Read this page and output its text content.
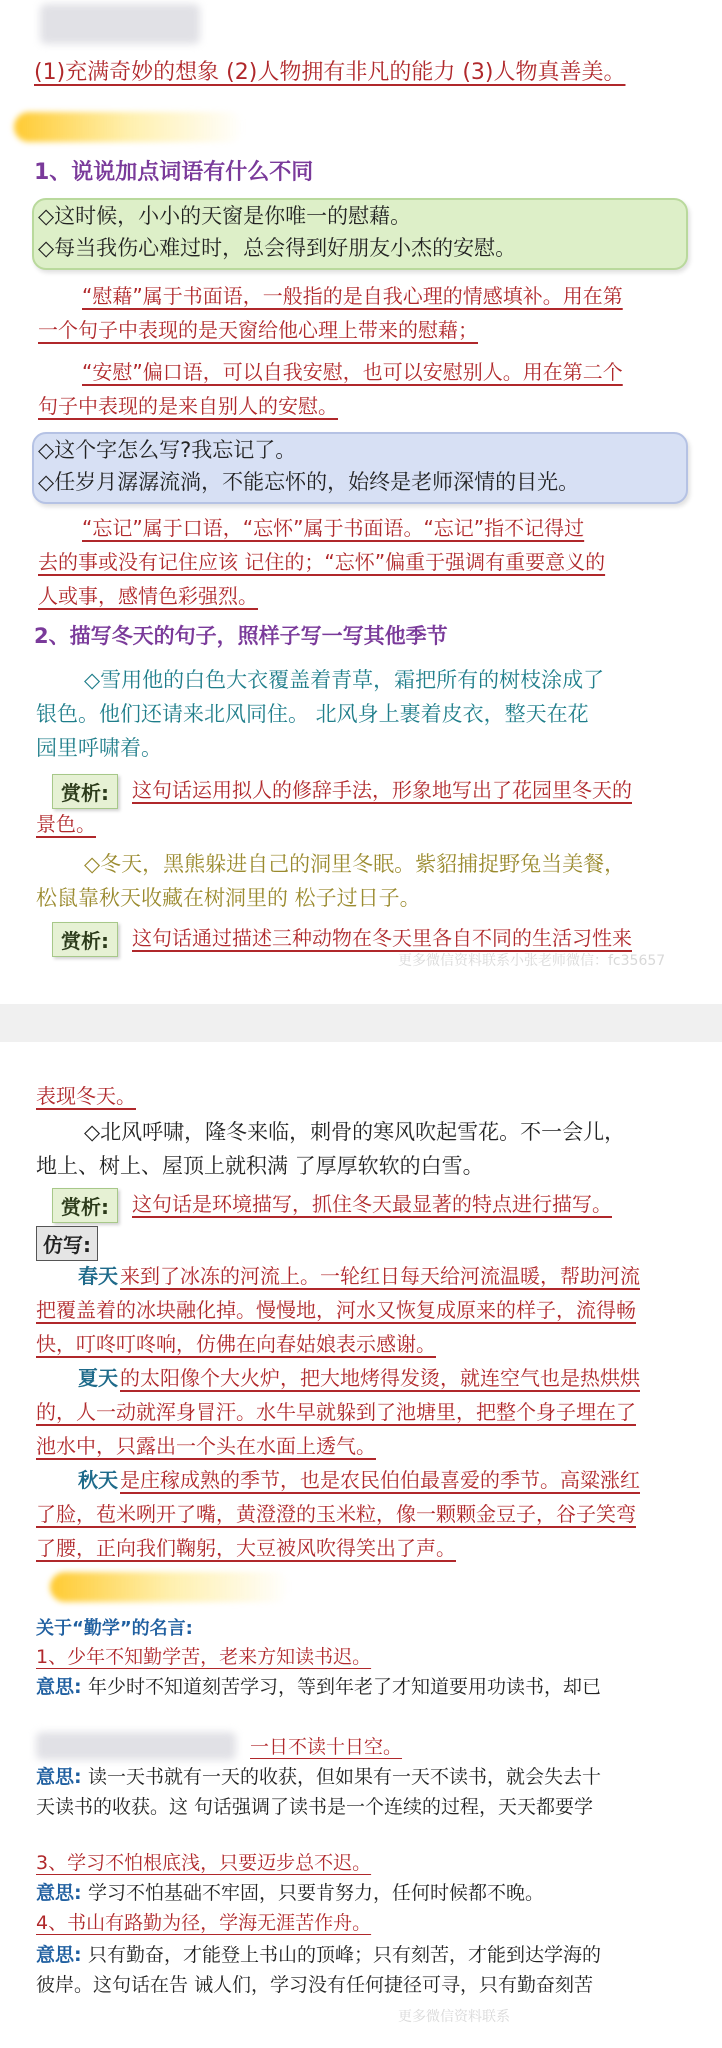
(1)充满奇妙的想象 (2)人物拥有非凡的能力 (3)人物真善美。
1、说说加点词语有什么不同
◇这时候，小小的天窗是你唯一的慰藉。
◇每当我伤心难过时，总会得到好朋友小杰的安慰。
“慰藉”属于书面语，一般指的是自我心理的情感填补。用在第
一个句子中表现的是天窗给他心理上带来的慰藉；
“安慰”偏口语，可以自我安慰，也可以安慰别人。用在第二个
句子中表现的是来自别人的安慰。
◇这个字怎么写?我忘记了。
◇任岁月潺潺流淌，不能忘怀的，始终是老师深情的目光。
“忘记”属于口语，“忘怀”属于书面语。“忘记”指不记得过
去的事或没有记住应该 记住的；“忘怀”偏重于强调有重要意义的
人或事，感情色彩强烈。
2、描写冬天的句子，照样子写一写其他季节
◇雪用他的白色大衣覆盖着青草，霜把所有的树枝涂成了
银色。他们还请来北风同住。 北风身上裹着皮衣，整天在花
园里呼啸着。
赏析:	这句话运用拟人的修辞手法，形象地写出了花园里冬天的
景色。
◇冬天，黑熊躲进自己的洞里冬眠。紫貂捕捉野兔当美餐，
松鼠靠秋天收藏在树洞里的 松子过日子。
赏析:	这句话通过描述三种动物在冬天里各自不同的生活习性来
更多微信资料联系小张老师微信：fc35657
表现冬天。
◇北风呼啸，隆冬来临，刺骨的寒风吹起雪花。不一会儿，
地上、树上、屋顶上就积满 了厚厚软软的白雪。
赏析:	这句话是环境描写，抓住冬天最显著的特点进行描写。
仿写:
春天 来到了冰冻的河流上。一轮红日每天给河流温暖，帮助河流
把覆盖着的冰块融化掉。慢慢地，河水又恢复成原来的样子，流得畅
快，叮咚叮咚响，仿佛在向春姑娘表示感谢。
夏天 的太阳像个大火炉，把大地烤得发烫，就连空气也是热烘烘
的，人一动就浑身冒汗。水牛早就躲到了池塘里，把整个身子埋在了
池水中，只露出一个头在水面上透气。
秋天 是庄稼成熟的季节，也是农民伯伯最喜爱的季节。高粱涨红
了脸，苞米咧开了嘴，黄澄澄的玉米粒，像一颗颗金豆子，谷子笑弯
了腰，正向我们鞠躬，大豆被风吹得笑出了声。
关于“勤学”的名言:
1、少年不知勤学苦，老来方知读书迟。
意思: 年少时不知道刻苦学习，等到年老了才知道要用功读书，却已
一日不读十日空。
意思: 读一天书就有一天的收获，但如果有一天不读书，就会失去十
天读书的收获。这 句话强调了读书是一个连续的过程，天天都要学
3、学习不怕根底浅，只要迈步总不迟。
意思: 学习不怕基础不牢固，只要肯努力，任何时候都不晚。
4、书山有路勤为径，学海无涯苦作舟。
意思: 只有勤奋，才能登上书山的顶峰；只有刻苦，才能到达学海的
彼岸。这句话在告 诫人们，学习没有任何捷径可寻，只有勤奋刻苦
更多微信资料联系
